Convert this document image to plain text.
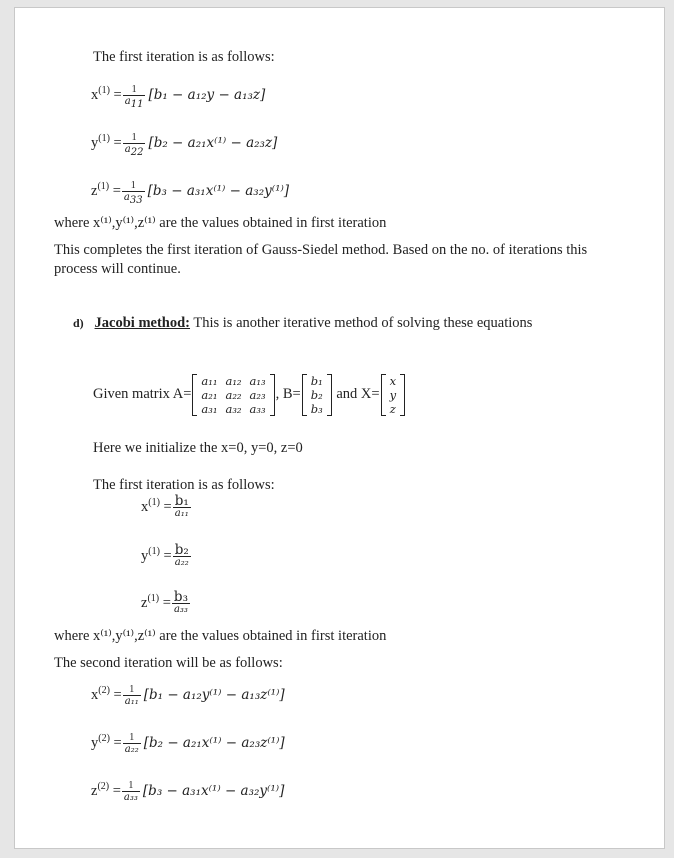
The first iteration is as follows:
$x^{(1)} = \frac{1}{a_{11}} [b_1 - a_{12}y - a_{13}z]$
$y^{(1)} = \frac{1}{a_{22}} [b_2 - a_{21}x^{(1)} - a_{23}z]$
$z^{(1)} = \frac{1}{a_{33}} [b_3 - a_{31}x^{(1)} - a_{32}y^{(1)}]$
where x⁽¹⁾,y⁽¹⁾,z⁽¹⁾ are the values obtained in first iteration
This completes the first iteration of Gauss-Siedel method. Based on the no. of iterations this
process will continue.
d) Jacobi method: This is another iterative method of solving these equations
Given matrix A=
a₁₁	a₁₂	a₁₃
a₂₁	a₂₂	a₂₃
a₃₁	a₃₂	a₃₃
, B=
b₁
b₂
b₃
and X=
x
y
z
Here we initialize the x=0, y=0, z=0
The first iteration is as follows:
$x^{(1)} = \frac{\text{b₁}}{\text{a₁₁}}$
$y^{(1)} = \frac{\text{b₂}}{\text{a₂₂}}$
$z^{(1)} = \frac{\text{b₃}}{\text{a₃₃}}$
where x⁽¹⁾,y⁽¹⁾,z⁽¹⁾ are the values obtained in first iteration
The second iteration will be as follows:
$x^{(2)} = \frac{1}{\text{a₁₁}} [b_1 - a_{12}y^{(1)} - a_{13}z^{(1)}]$
$y^{(2)} = \frac{1}{\text{a₂₂}} [b_2 - a_{21}x^{(1)} - a_{23}z^{(1)}]$
$z^{(2)} = \frac{1}{\text{a₃₃}} [b_3 - a_{31}x^{(1)} - a_{32}y^{(1)}]$
